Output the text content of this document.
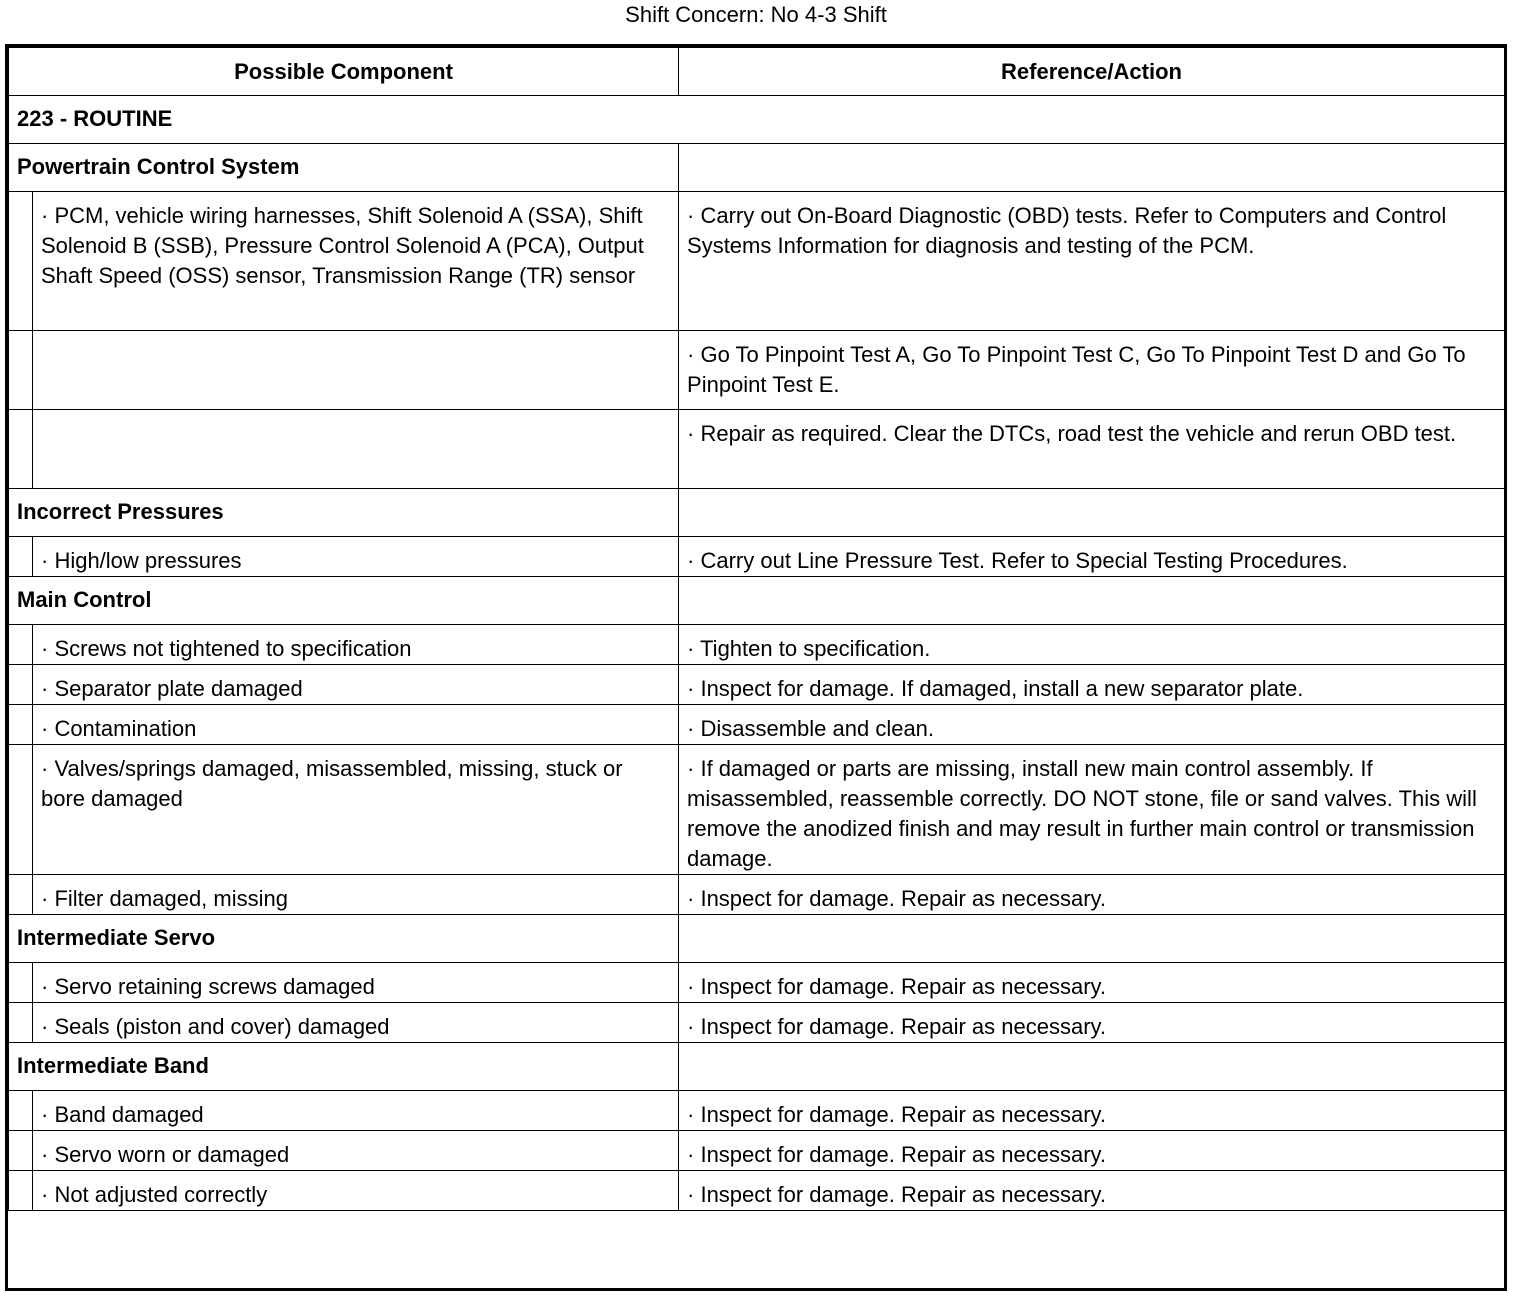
Shift Concern: No 4-3 Shift
Possible Component		Reference/Action
223 - ROUTINE		
Powertrain Control System		
	· PCM, vehicle wiring harnesses, Shift Solenoid A (SSA), Shift Solenoid B (SSB), Pressure Control Solenoid A (PCA), Output Shaft Speed (OSS) sensor, Transmission Range (TR) sensor	· Carry out On-Board Diagnostic (OBD) tests. Refer to Computers and Control Systems Information for diagnosis and testing of the PCM.
		· Go To Pinpoint Test A, Go To Pinpoint Test C, Go To Pinpoint Test D and Go To Pinpoint Test E.
		· Repair as required. Clear the DTCs, road test the vehicle and rerun OBD test.
Incorrect Pressures		
	· High/low pressures	· Carry out Line Pressure Test. Refer to Special Testing Procedures.
Main Control		
	· Screws not tightened to specification	· Tighten to specification.
	· Separator plate damaged	· Inspect for damage. If damaged, install a new separator plate.
	· Contamination	· Disassemble and clean.
	· Valves/springs damaged, misassembled, missing, stuck or bore damaged	· If damaged or parts are missing, install new main control assembly. If misassembled, reassemble correctly. DO NOT stone, file or sand valves. This will remove the anodized finish and may result in further main control or transmission damage.
	· Filter damaged, missing	· Inspect for damage. Repair as necessary.
Intermediate Servo		
	· Servo retaining screws damaged	· Inspect for damage. Repair as necessary.
	· Seals (piston and cover) damaged	· Inspect for damage. Repair as necessary.
Intermediate Band		
	· Band damaged	· Inspect for damage. Repair as necessary.
	· Servo worn or damaged	· Inspect for damage. Repair as necessary.
	· Not adjusted correctly	· Inspect for damage. Repair as necessary.
